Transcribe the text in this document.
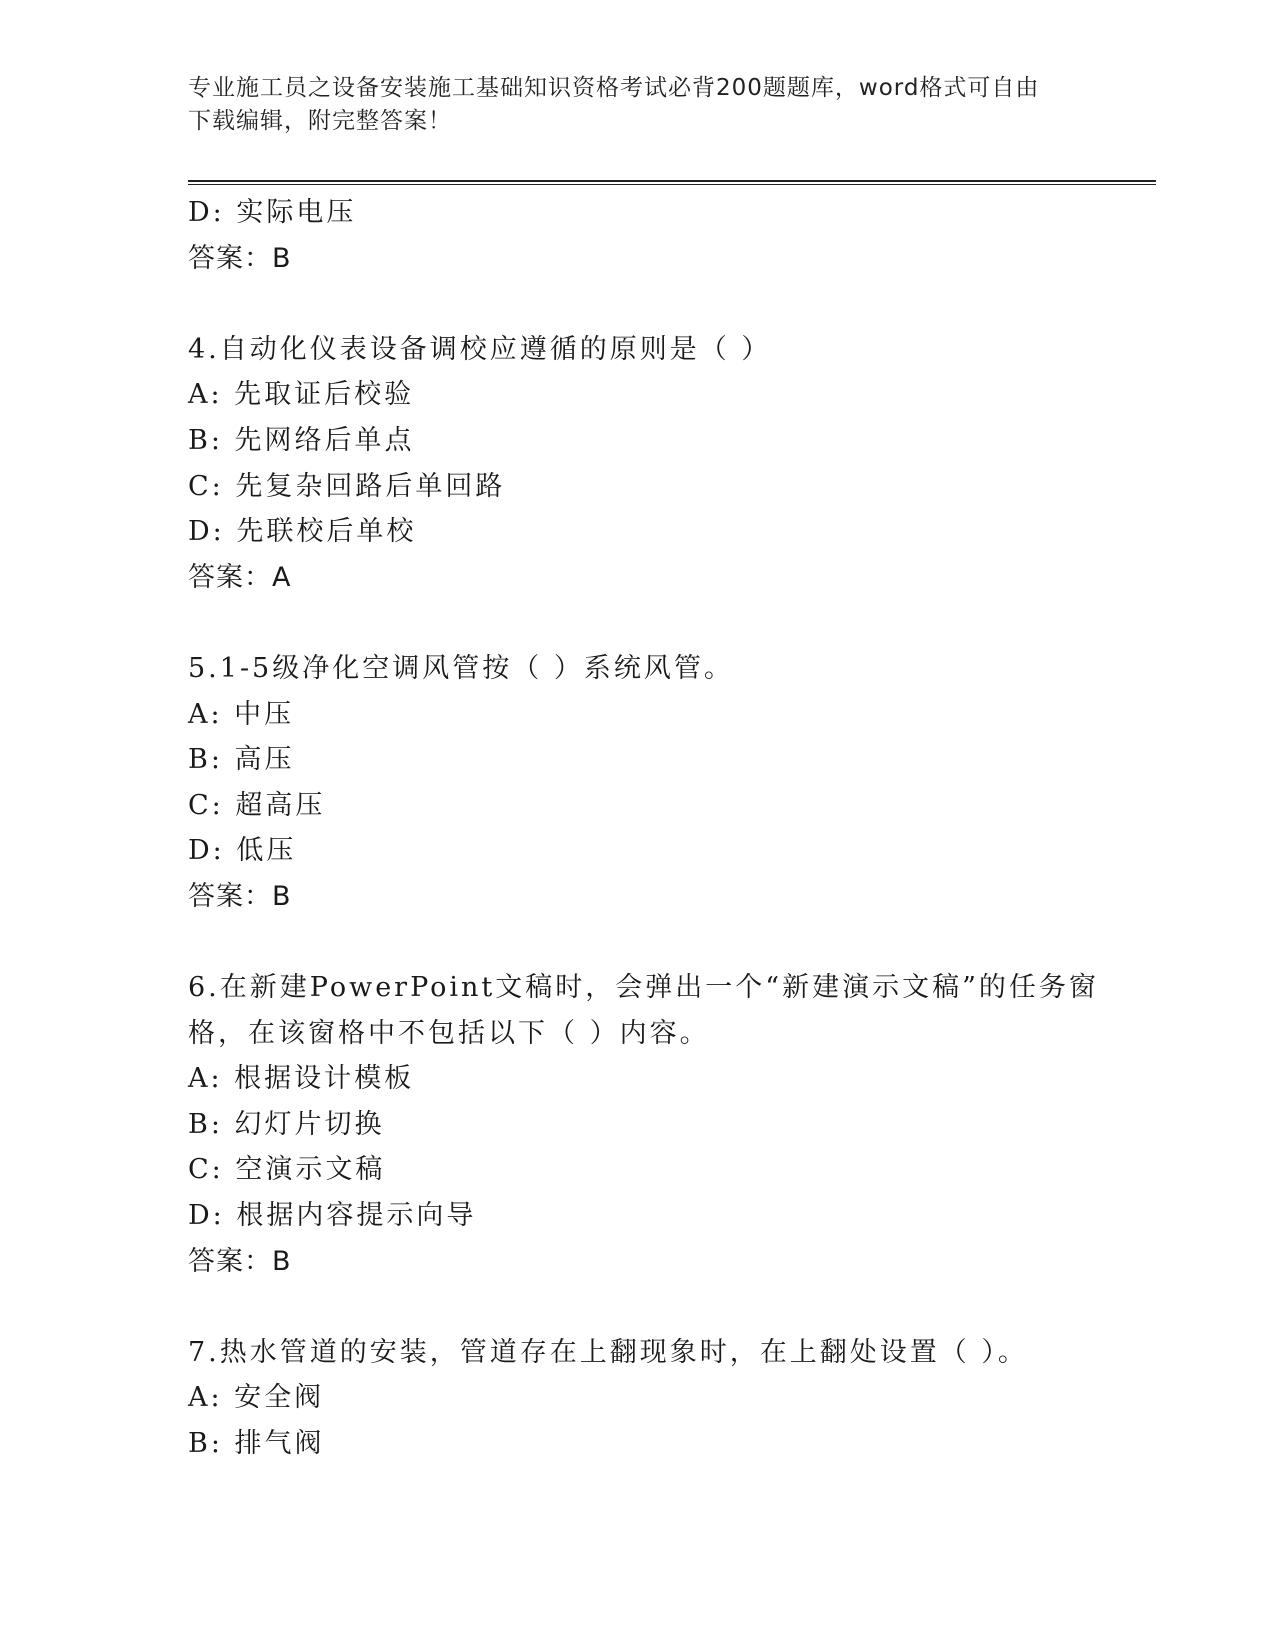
专业施工员之设备安装施工基础知识资格考试必背200题题库，word格式可自由
下载编辑，附完整答案！
D: 实际电压
答案：B
4.自动化仪表设备调校应遵循的原则是（ ）
A: 先取证后校验
B: 先网络后单点
C: 先复杂回路后单回路
D: 先联校后单校
答案：A
5.1-5级净化空调风管按（ ）系统风管。
A: 中压
B: 高压
C: 超高压
D: 低压
答案：B
6.在新建PowerPoint文稿时，会弹出一个“新建演示文稿”的任务窗
格，在该窗格中不包括以下（ ）内容。
A: 根据设计模板
B: 幻灯片切换
C: 空演示文稿
D: 根据内容提示向导
答案：B
7.热水管道的安装，管道存在上翻现象时，在上翻处设置（ ）。
A: 安全阀
B: 排气阀
